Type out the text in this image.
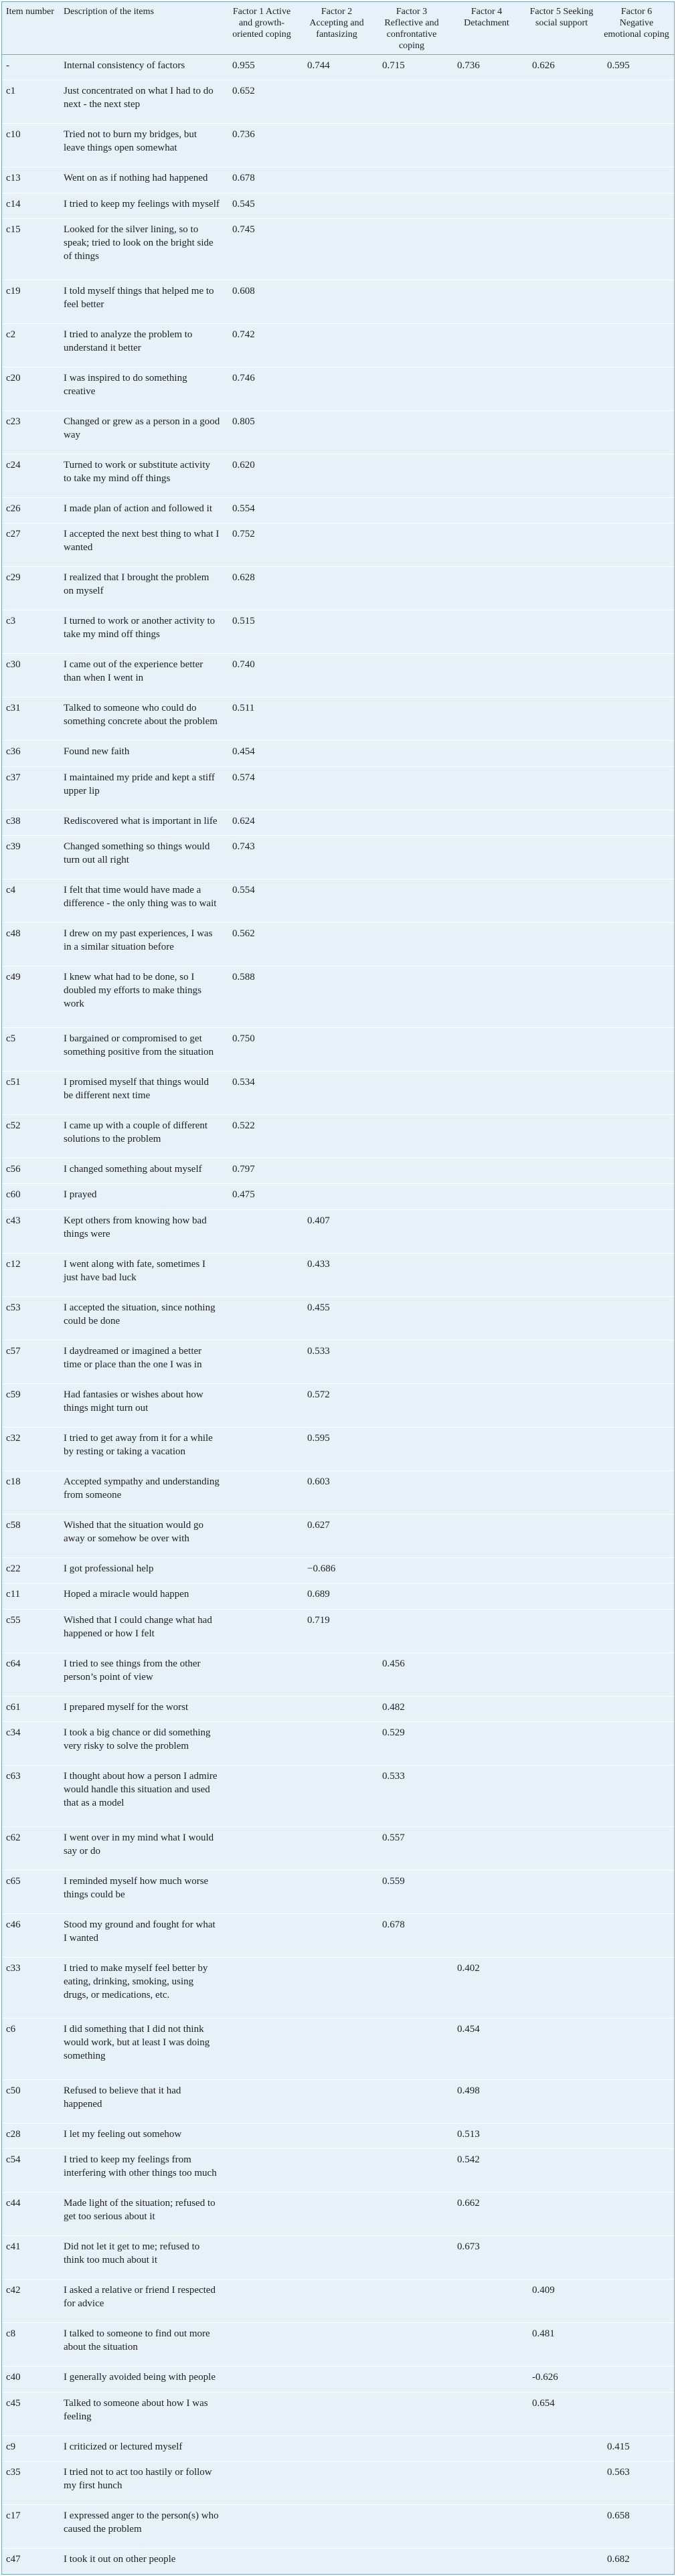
Item number	Description of the items	Factor 1 Active and growth-oriented coping	Factor 2 Accepting and fantasizing	Factor 3 Reflective and confrontative coping	Factor 4 Detachment	Factor 5 Seeking social support	Factor 6 Negative emotional coping
-	Internal consistency of factors	0.955	0.744	0.715	0.736	0.626	0.595
c1	Just concentrated on what I had to do next - the next step	0.652					
c10	Tried not to burn my bridges, but leave things open somewhat	0.736					
c13	Went on as if nothing had happened	0.678					
c14	I tried to keep my feelings with myself	0.545					
c15	Looked for the silver lining, so to speak; tried to look on the bright side of things	0.745					
c19	I told myself things that helped me to feel better	0.608					
c2	I tried to analyze the problem to understand it better	0.742					
c20	I was inspired to do something creative	0.746					
c23	Changed or grew as a person in a good way	0.805					
c24	Turned to work or substitute activity to take my mind off things	0.620					
c26	I made plan of action and followed it	0.554					
c27	I accepted the next best thing to what I wanted	0.752					
c29	I realized that I brought the problem on myself	0.628					
c3	I turned to work or another activity to take my mind off things	0.515					
c30	I came out of the experience better than when I went in	0.740					
c31	Talked to someone who could do something concrete about the problem	0.511					
c36	Found new faith	0.454					
c37	I maintained my pride and kept a stiff upper lip	0.574					
c38	Rediscovered what is important in life	0.624					
c39	Changed something so things would turn out all right	0.743					
c4	I felt that time would have made a difference - the only thing was to wait	0.554					
c48	I drew on my past experiences, I was in a similar situation before	0.562					
c49	I knew what had to be done, so I doubled my efforts to make things work	0.588					
c5	I bargained or compromised to get something positive from the situation	0.750					
c51	I promised myself that things would be different next time	0.534					
c52	I came up with a couple of different solutions to the problem	0.522					
c56	I changed something about myself	0.797					
c60	I prayed	0.475					
c43	Kept others from knowing how bad things were		0.407				
c12	I went along with fate, sometimes I just have bad luck		0.433				
c53	I accepted the situation, since nothing could be done		0.455				
c57	I daydreamed or imagined a better time or place than the one I was in		0.533				
c59	Had fantasies or wishes about how things might turn out		0.572				
c32	I tried to get away from it for a while by resting or taking a vacation		0.595				
c18	Accepted sympathy and understanding from someone		0.603				
c58	Wished that the situation would go away or somehow be over with		0.627				
c22	I got professional help		−0.686				
c11	Hoped a miracle would happen		0.689				
c55	Wished that I could change what had happened or how I felt		0.719				
c64	I tried to see things from the other person’s point of view			0.456			
c61	I prepared myself for the worst			0.482			
c34	I took a big chance or did something very risky to solve the problem			0.529			
c63	I thought about how a person I admire would handle this situation and used that as a model			0.533			
c62	I went over in my mind what I would say or do			0.557			
c65	I reminded myself how much worse things could be			0.559			
c46	Stood my ground and fought for what I wanted			0.678			
c33	I tried to make myself feel better by eating, drinking, smoking, using drugs, or medications, etc.				0.402		
c6	I did something that I did not think would work, but at least I was doing something				0.454		
c50	Refused to believe that it had happened				0.498		
c28	I let my feeling out somehow				0.513		
c54	I tried to keep my feelings from interfering with other things too much				0.542		
c44	Made light of the situation; refused to get too serious about it				0.662		
c41	Did not let it get to me; refused to think too much about it				0.673		
c42	I asked a relative or friend I respected for advice					0.409	
c8	I talked to someone to find out more about the situation					0.481	
c40	I generally avoided being with people					-0.626	
c45	Talked to someone about how I was feeling					0.654	
c9	I criticized or lectured myself						0.415
c35	I tried not to act too hastily or follow my first hunch						0.563
c17	I expressed anger to the person(s) who caused the problem						0.658
c47	I took it out on other people						0.682
